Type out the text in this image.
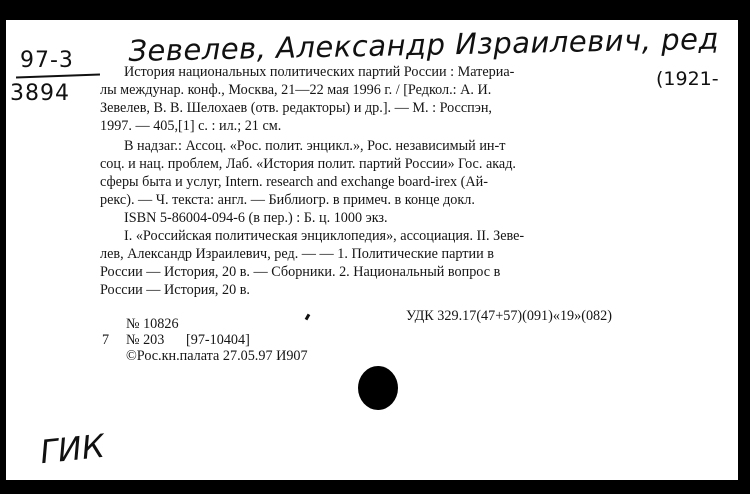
97-3
3894
Зевелев, Александр Израилевич, ред
(1921-
История национальных политических партий России : Материа-
лы междунар. конф., Москва, 21—22 мая 1996 г. / [Редкол.: А. И.
Зевелев, В. В. Шелохаев (отв. редакторы) и др.]. — М. : Росспэн,
1997. — 405,[1] с. : ил.; 21 см.
В надзаг.: Ассоц. «Рос. полит. энцикл.», Рос. независимый ин-т
соц. и нац. проблем, Лаб. «История полит. партий России» Гос. акад.
сферы быта и услуг, Intern. research and exchange board-irex (Ай-
рекс). — Ч. текста: англ. — Библиогр. в примеч. в конце докл.
ISBN 5-86004-094-6 (в пер.) : Б. ц. 1000 экз.
I. «Российская политическая энциклопедия», ассоциация. II. Зеве-
лев, Александр Израилевич, ред. — — 1. Политические партии в
России — История, 20 в. — Сборники. 2. Национальный вопрос в
России — История, 20 в.
№ 10826	УДК 329.17(47+57)(091)«19»(082)
7 № 203 [97-10404]
©Рос.кн.палата 27.05.97 И907
ГИК
